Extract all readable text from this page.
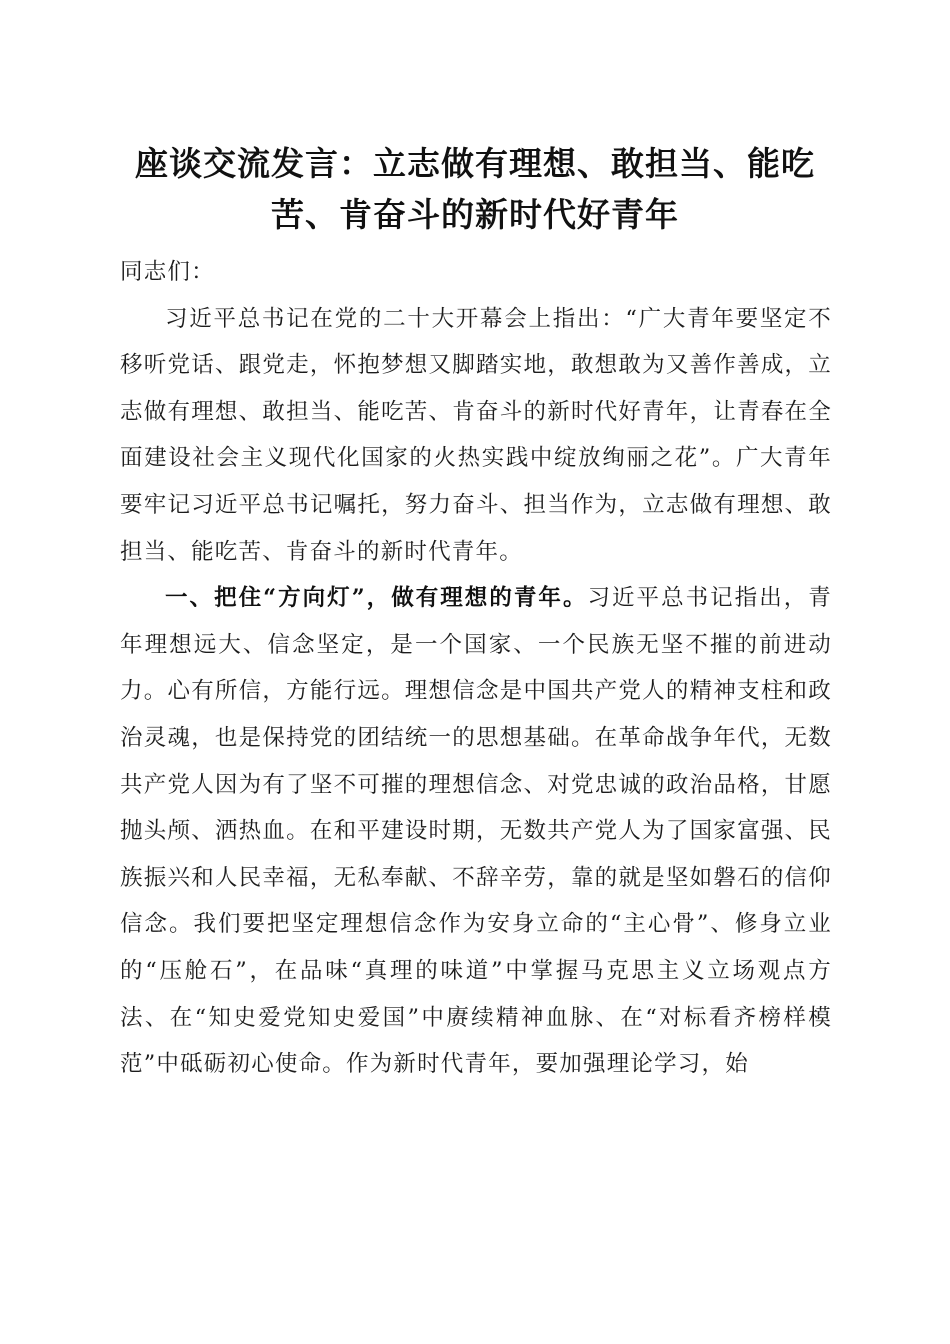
座谈交流发言：立志做有理想、敢担当、能吃
苦、肯奋斗的新时代好青年

同志们：

习近平总书记在党的二十大开幕会上指出：“广大青年要坚定不移听党话、跟党走，怀抱梦想又脚踏实地，敢想敢为又善作善成，立志做有理想、敢担当、能吃苦、肯奋斗的新时代好青年，让青春在全面建设社会主义现代化国家的火热实践中绽放绚丽之花”。广大青年要牢记习近平总书记嘱托，努力奋斗、担当作为，立志做有理想、敢担当、能吃苦、肯奋斗的新时代青年。

一、把住“方向灯”，做有理想的青年。习近平总书记指出，青年理想远大、信念坚定，是一个国家、一个民族无坚不摧的前进动力。心有所信，方能行远。理想信念是中国共产党人的精神支柱和政治灵魂，也是保持党的团结统一的思想基础。在革命战争年代，无数共产党人因为有了坚不可摧的理想信念、对党忠诚的政治品格，甘愿抛头颅、洒热血。在和平建设时期，无数共产党人为了国家富强、民族振兴和人民幸福，无私奉献、不辞辛劳，靠的就是坚如磐石的信仰信念。我们要把坚定理想信念作为安身立命的“主心骨”、修身立业的“压舱石”，在品味“真理的味道”中掌握马克思主义立场观点方法、在“知史爱党知史爱国”中赓续精神血脉、在“对标看齐榜样模范”中砥砺初心使命。作为新时代青年，要加强理论学习，始
